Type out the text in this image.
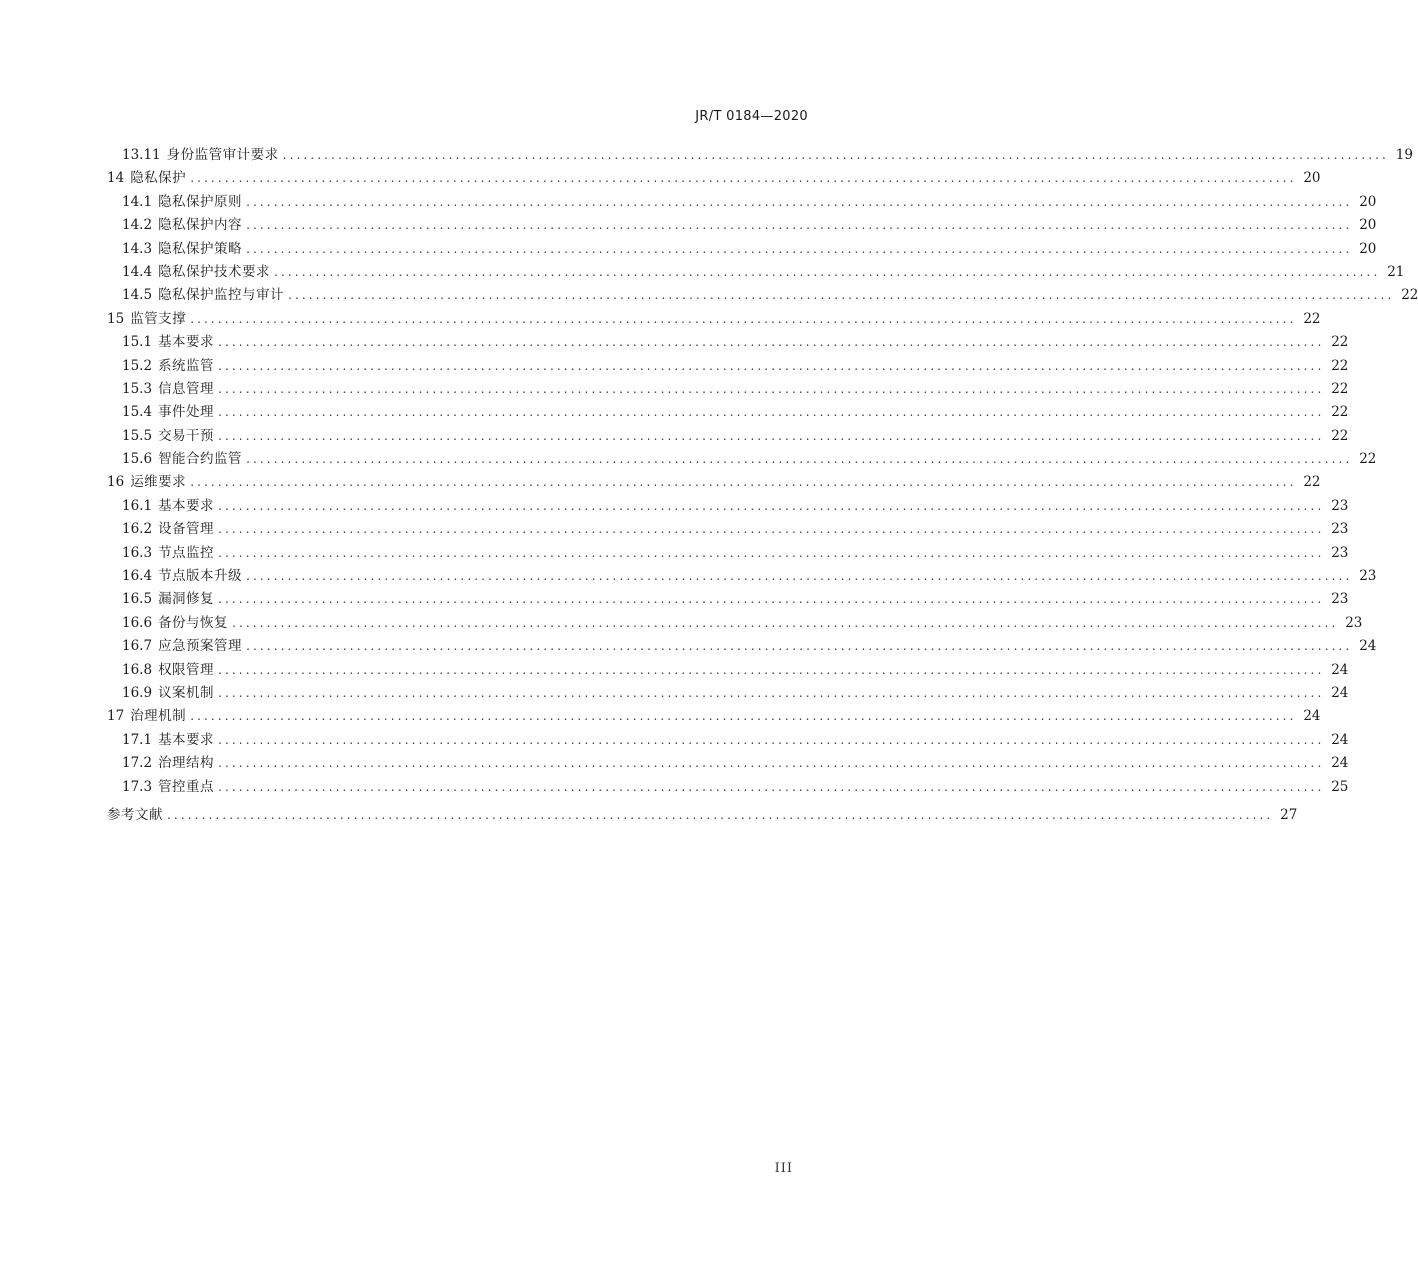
JR/T 0184—2020
13.11 身份监管审计要求 ................................................................................................................................................................ 19
14 隐私保护 ................................................................................................................................................................ 20
14.1 隐私保护原则 ................................................................................................................................................................ 20
14.2 隐私保护内容 ................................................................................................................................................................ 20
14.3 隐私保护策略 ................................................................................................................................................................ 20
14.4 隐私保护技术要求 ................................................................................................................................................................ 21
14.5 隐私保护监控与审计 ................................................................................................................................................................ 22
15 监管支撑 ................................................................................................................................................................ 22
15.1 基本要求 ................................................................................................................................................................ 22
15.2 系统监管 ................................................................................................................................................................ 22
15.3 信息管理 ................................................................................................................................................................ 22
15.4 事件处理 ................................................................................................................................................................ 22
15.5 交易干预 ................................................................................................................................................................ 22
15.6 智能合约监管 ................................................................................................................................................................ 22
16 运维要求 ................................................................................................................................................................ 22
16.1 基本要求 ................................................................................................................................................................ 23
16.2 设备管理 ................................................................................................................................................................ 23
16.3 节点监控 ................................................................................................................................................................ 23
16.4 节点版本升级 ................................................................................................................................................................ 23
16.5 漏洞修复 ................................................................................................................................................................ 23
16.6 备份与恢复 ................................................................................................................................................................ 23
16.7 应急预案管理 ................................................................................................................................................................ 24
16.8 权限管理 ................................................................................................................................................................ 24
16.9 议案机制 ................................................................................................................................................................ 24
17 治理机制 ................................................................................................................................................................ 24
17.1 基本要求 ................................................................................................................................................................ 24
17.2 治理结构 ................................................................................................................................................................ 24
17.3 管控重点 ................................................................................................................................................................ 25
参考文献 ................................................................................................................................................................ 27
III
